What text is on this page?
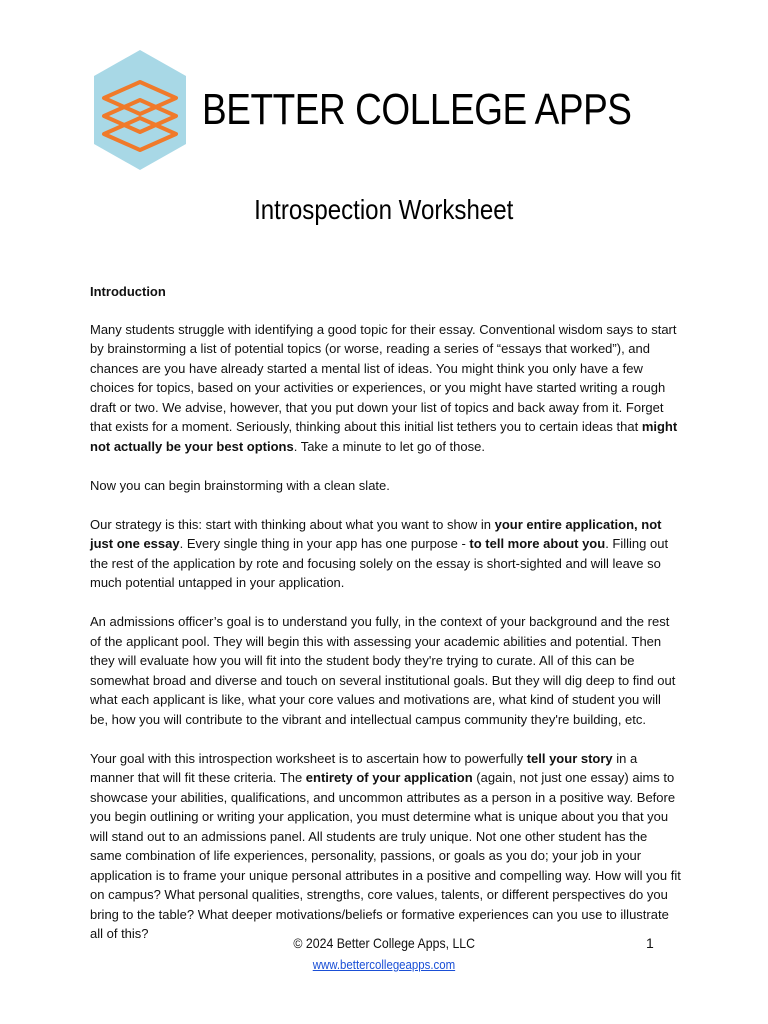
BETTER COLLEGE APPS
Introspection Worksheet
Introduction

Many students struggle with identifying a good topic for their essay. Conventional wisdom says to start by brainstorming a list of potential topics (or worse, reading a series of “essays that worked”), and chances are you have already started a mental list of ideas. You might think you only have a few choices for topics, based on your activities or experiences, or you might have started writing a rough draft or two. We advise, however, that you put down your list of topics and back away from it. Forget that exists for a moment. Seriously, thinking about this initial list tethers you to certain ideas that might not actually be your best options. Take a minute to let go of those.

Now you can begin brainstorming with a clean slate.

Our strategy is this: start with thinking about what you want to show in your entire application, not just one essay. Every single thing in your app has one purpose - to tell more about you. Filling out the rest of the application by rote and focusing solely on the essay is short-sighted and will leave so much potential untapped in your application.

An admissions officer’s goal is to understand you fully, in the context of your background and the rest of the applicant pool. They will begin this with assessing your academic abilities and potential. Then they will evaluate how you will fit into the student body they're trying to curate. All of this can be somewhat broad and diverse and touch on several institutional goals. But they will dig deep to find out what each applicant is like, what your core values and motivations are, what kind of student you will be, how you will contribute to the vibrant and intellectual campus community they're building, etc.

Your goal with this introspection worksheet is to ascertain how to powerfully tell your story in a manner that will fit these criteria. The entirety of your application (again, not just one essay) aims to showcase your abilities, qualifications, and uncommon attributes as a person in a positive way. Before you begin outlining or writing your application, you must determine what is unique about you that you will stand out to an admissions panel. All students are truly unique. Not one other student has the same combination of life experiences, personality, passions, or goals as you do; your job in your application is to frame your unique personal attributes in a positive and compelling way. How will you fit on campus? What personal qualities, strengths, core values, talents, or different perspectives do you bring to the table? What deeper motivations/beliefs or formative experiences can you use to illustrate all of this?

© 2024 Better College Apps, LLC	1
www.bettercollegeapps.com
